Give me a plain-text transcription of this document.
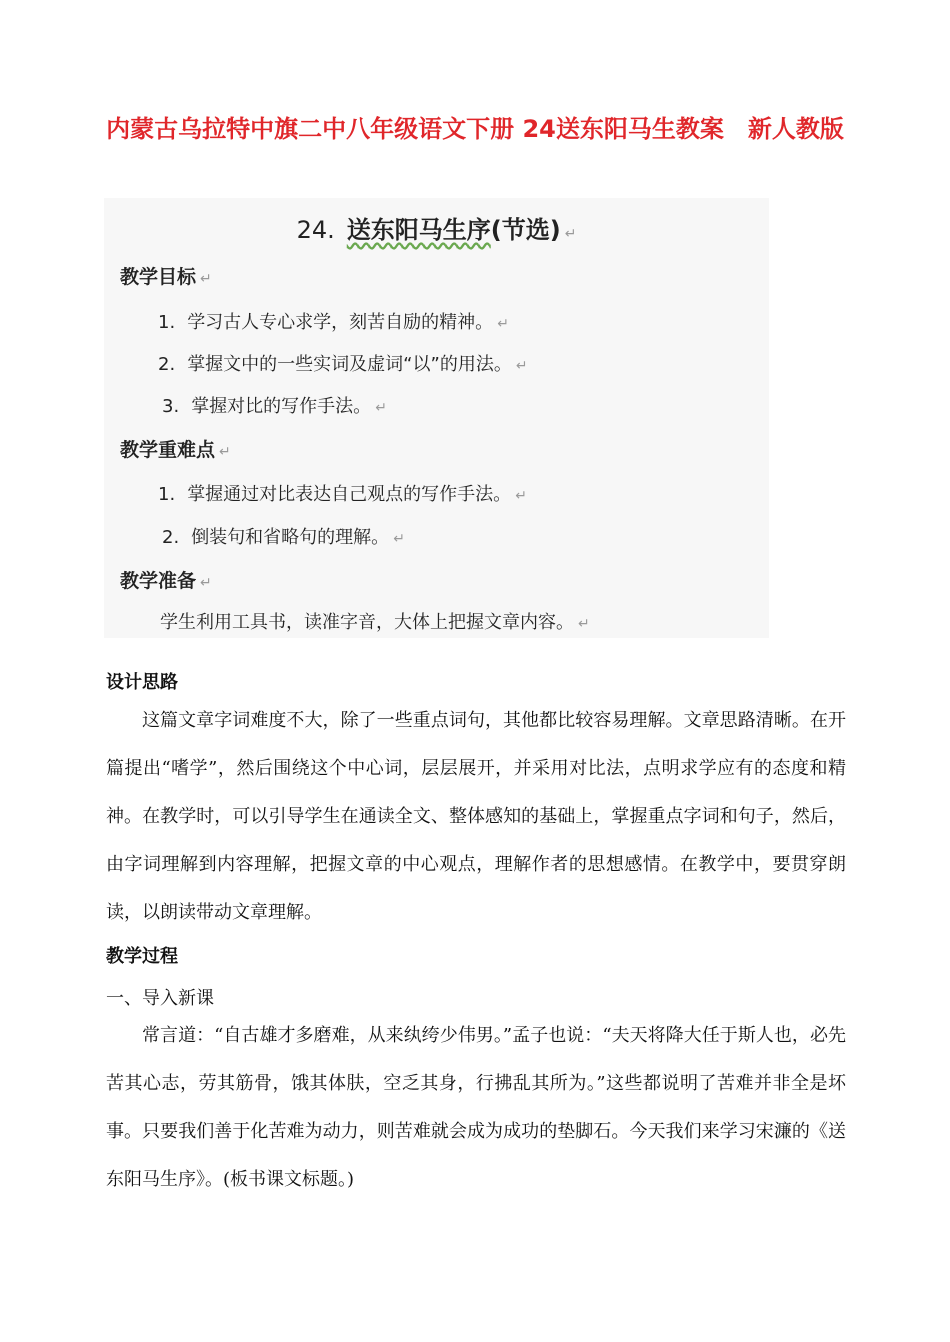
内蒙古乌拉特中旗二中八年级语文下册 24送东阳马生教案　新人教版
24. 送东阳马生序(节选) ↵
教学目标 ↵
1. 学习古人专心求学，刻苦自励的精神。 ↵
2. 掌握文中的一些实词及虚词“以”的用法。 ↵
3. 掌握对比的写作手法。 ↵
教学重难点 ↵
1. 掌握通过对比表达自己观点的写作手法。 ↵
2. 倒装句和省略句的理解。 ↵
教学准备 ↵
学生利用工具书，读准字音，大体上把握文章内容。 ↵
设计思路
这篇文章字词难度不大，除了一些重点词句，其他都比较容易理解。文章思路清晰。在开篇提出“嗜学”，然后围绕这个中心词，层层展开，并采用对比法，点明求学应有的态度和精神。在教学时，可以引导学生在通读全文、整体感知的基础上，掌握重点字词和句子，然后，由字词理解到内容理解，把握文章的中心观点，理解作者的思想感情。在教学中，要贯穿朗读，以朗读带动文章理解。
教学过程
一、导入新课
常言道：“自古雄才多磨难，从来纨绔少伟男。”孟子也说：“夫天将降大任于斯人也，必先苦其心志，劳其筋骨，饿其体肤，空乏其身，行拂乱其所为。”这些都说明了苦难并非全是坏事。只要我们善于化苦难为动力，则苦难就会成为成功的垫脚石。今天我们来学习宋濂的《送东阳马生序》。(板书课文标题。)
